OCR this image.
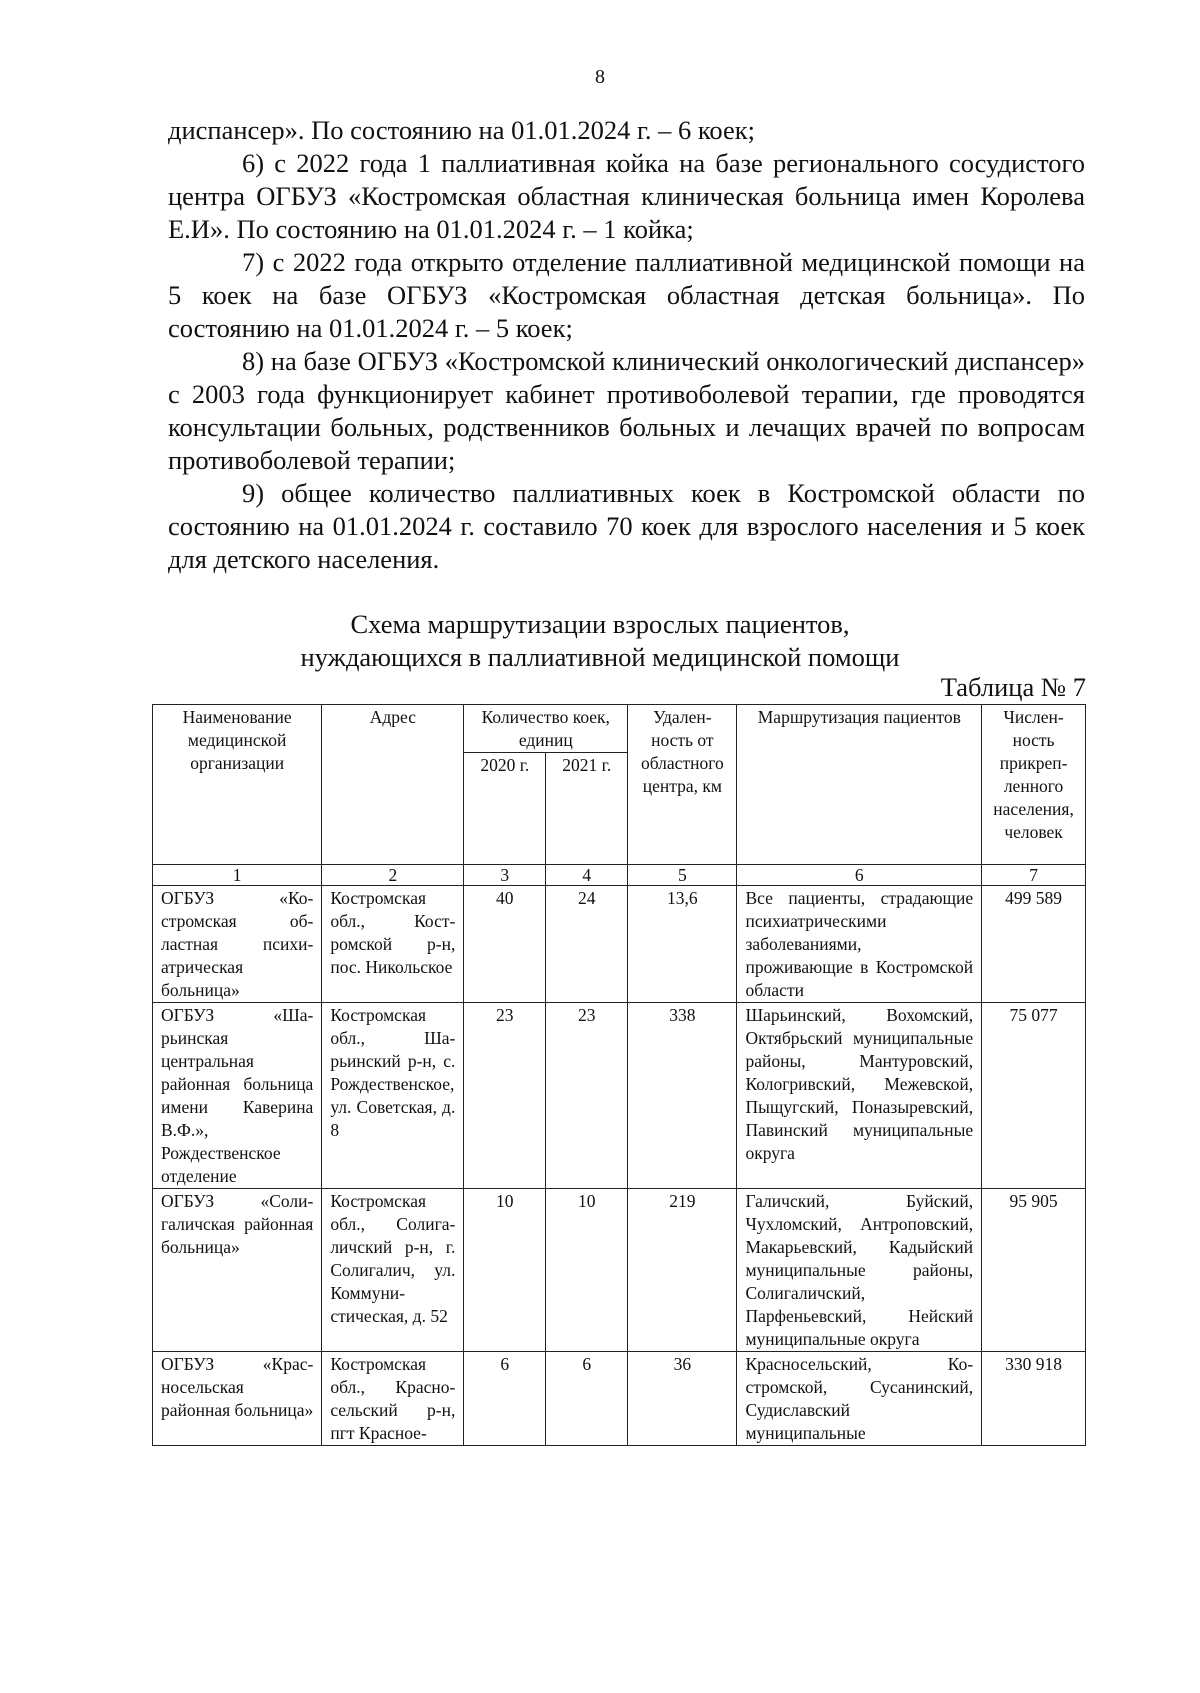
8

диспансер». По состоянию на 01.01.2024 г. – 6 коек;

6) с 2022 года 1 паллиативная койка на базе регионального сосудистого центра ОГБУЗ «Костромская областная клиническая больница имен Королева Е.И». По состоянию на 01.01.2024 г. – 1 койка;

7) с 2022 года открыто отделение паллиативной медицинской помощи на 5 коек на базе ОГБУЗ «Костромская областная детская больница». По состоянию на 01.01.2024 г. – 5 коек;

8) на базе ОГБУЗ «Костромской клинический онкологический диспансер» с 2003 года функционирует кабинет противоболевой терапии, где проводятся консультации больных, родственников больных и лечащих врачей по вопросам противоболевой терапии;

9) общее количество паллиативных коек в Костромской области по состоянию на 01.01.2024 г. составило 70 коек для взрослого населения и 5 коек для детского населения.

Схема маршрутизации взрослых пациентов,
нуждающихся в паллиативной медицинской помощи
Таблица № 7
Наименование медицинской организации	Адрес	Количество коек, единиц		Удаленность от областного центра, км	Маршрутизация пациентов	Численность прикрепленного населения, человек
		2020 г.	2021 г.			
1	2	3	4	5	6	7
ОГБУЗ «Костромская областная психиатрическая больница»	Костромская обл., Костромской р-н, пос. Никольское	40	24	13,6	Все пациенты, страдающие психиатрическими заболеваниями, проживающие в Костромской области	499 589
ОГБУЗ «Шарьинская центральная районная больница имени Каверина В.Ф.», Рождественское отделение	Костромская обл., Шарьинский р-н, с. Рождественское, ул. Советская, д. 8	23	23	338	Шарьинский, Вохомский, Октябрьский муниципальные районы, Мантуровский, Кологривский, Межевской, Пыщугский, Поназыревский, Павинский муниципальные округа	75 077
ОГБУЗ «Солигаличская районная больница»	Костромская обл., Солигаличский р-н, г. Солигалич, ул. Коммунистическая, д. 52	10	10	219	Галичский, Буйский, Чухломский, Антроповский, Макарьевский, Кадыйский муниципальные районы, Солигаличский, Парфеньевский, Нейский муниципальные округа	95 905
ОГБУЗ «Красносельская районная больница»	Костромская обл., Красносельский р-н, пгт Красное-	6	6	36	Красносельский, Костромской, Сусанинский, Судиславский муниципальные	330 918
